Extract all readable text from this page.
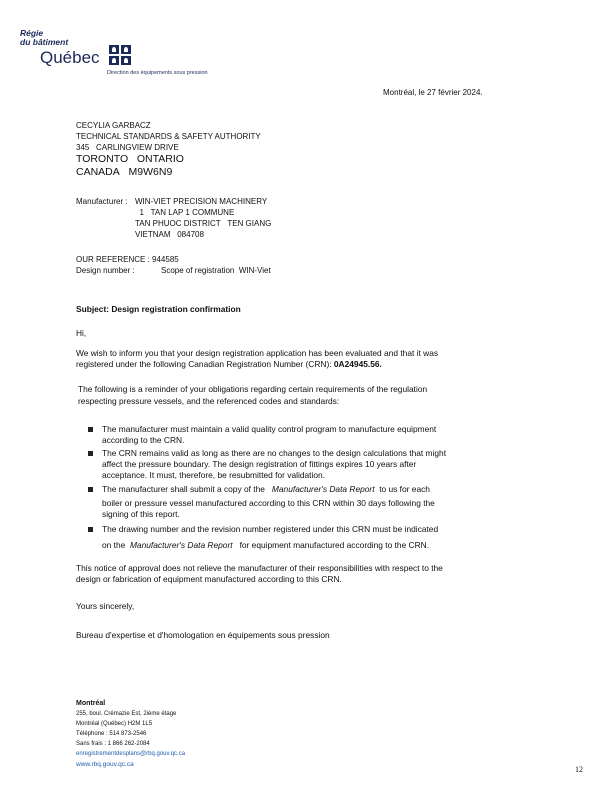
Régie
du bâtiment
Québec
Direction des équipements sous pression
Montréal, le 27 février 2024.
CECYLIA GARBACZ
TECHNICAL STANDARDS & SAFETY AUTHORITY
345 CARLINGVIEW DRIVE
TORONTO ONTARIO
CANADA M9W6N9
Manufacturer : WIN-VIET PRECISION MACHINERY
1 TAN LAP 1 COMMUNE
TAN PHUOC DISTRICT TEN GIANG
VIETNAM 084708
OUR REFERENCE : 944585
Design number :	Scope of registration WIN-Viet
Subject: Design registration confirmation
Hi,
We wish to inform you that your design registration application has been evaluated and that it was
registered under the following Canadian Registration Number (CRN): 0A24945.56.
The following is a reminder of your obligations regarding certain requirements of the regulation
respecting pressure vessels, and the referenced codes and standards:
The manufacturer must maintain a valid quality control program to manufacture equipment
according to the CRN.
The CRN remains valid as long as there are no changes to the design calculations that might
affect the pressure boundary. The design registration of fittings expires 10 years after
acceptance. It must, therefore, be resubmitted for validation.
The manufacturer shall submit a copy of the Manufacturer's Data Report to us for each
boiler or pressure vessel manufactured according to this CRN within 30 days following the
signing of this report.
The drawing number and the revision number registered under this CRN must be indicated
on the Manufacturer's Data Report for equipment manufactured according to the CRN.
This notice of approval does not relieve the manufacturer of their responsibilities with respect to the
design or fabrication of equipment manufactured according to this CRN.
Yours sincerely,
Bureau d'expertise et d'homologation en équipements sous pression
Montréal
255, boul. Crémazie Est, 2ième étage
Montréal (Québec) H2M 1L5
Téléphone : 514 873-2546
Sans frais : 1 866 262-2084
enregistrementdesplans@rbq.gouv.qc.ca
www.rbq.gouv.qc.ca
12
